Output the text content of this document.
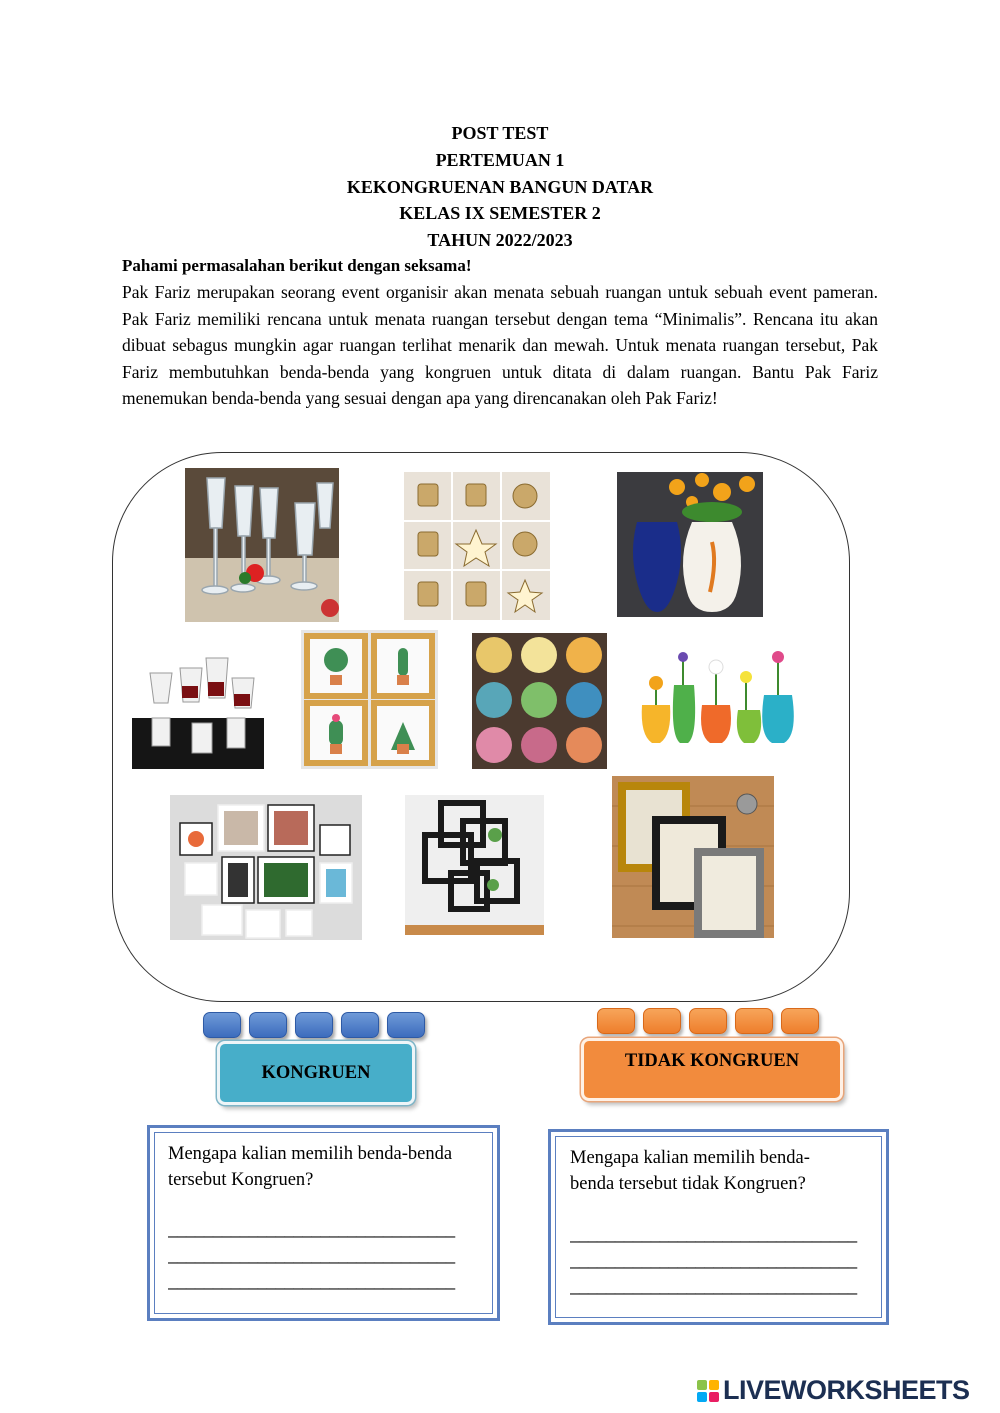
POST TEST
PERTEMUAN 1
KEKONGRUENAN BANGUN DATAR
KELAS IX SEMESTER 2
TAHUN 2022/2023
Pahami permasalahan berikut dengan seksama!
Pak Fariz merupakan seorang event organisir akan menata sebuah ruangan untuk sebuah event pameran. Pak Fariz memiliki rencana untuk menata ruangan tersebut dengan tema “Minimalis”. Rencana itu akan dibuat sebagus mungkin agar ruangan terlihat menarik dan mewah. Untuk menata ruangan tersebut, Pak Fariz membutuhkan benda-benda yang kongruen untuk ditata di dalam ruangan. Bantu Pak Fariz menemukan benda-benda yang sesuai dengan apa yang direncanakan oleh Pak Fariz!
KONGRUEN
TIDAK KONGRUEN
Mengapa kalian memilih benda-benda
tersebut Kongruen?
________________________________
________________________________
________________________________
Mengapa kalian memilih benda-
benda tersebut tidak Kongruen?
________________________________
________________________________
________________________________
LIVEWORKSHEETS
